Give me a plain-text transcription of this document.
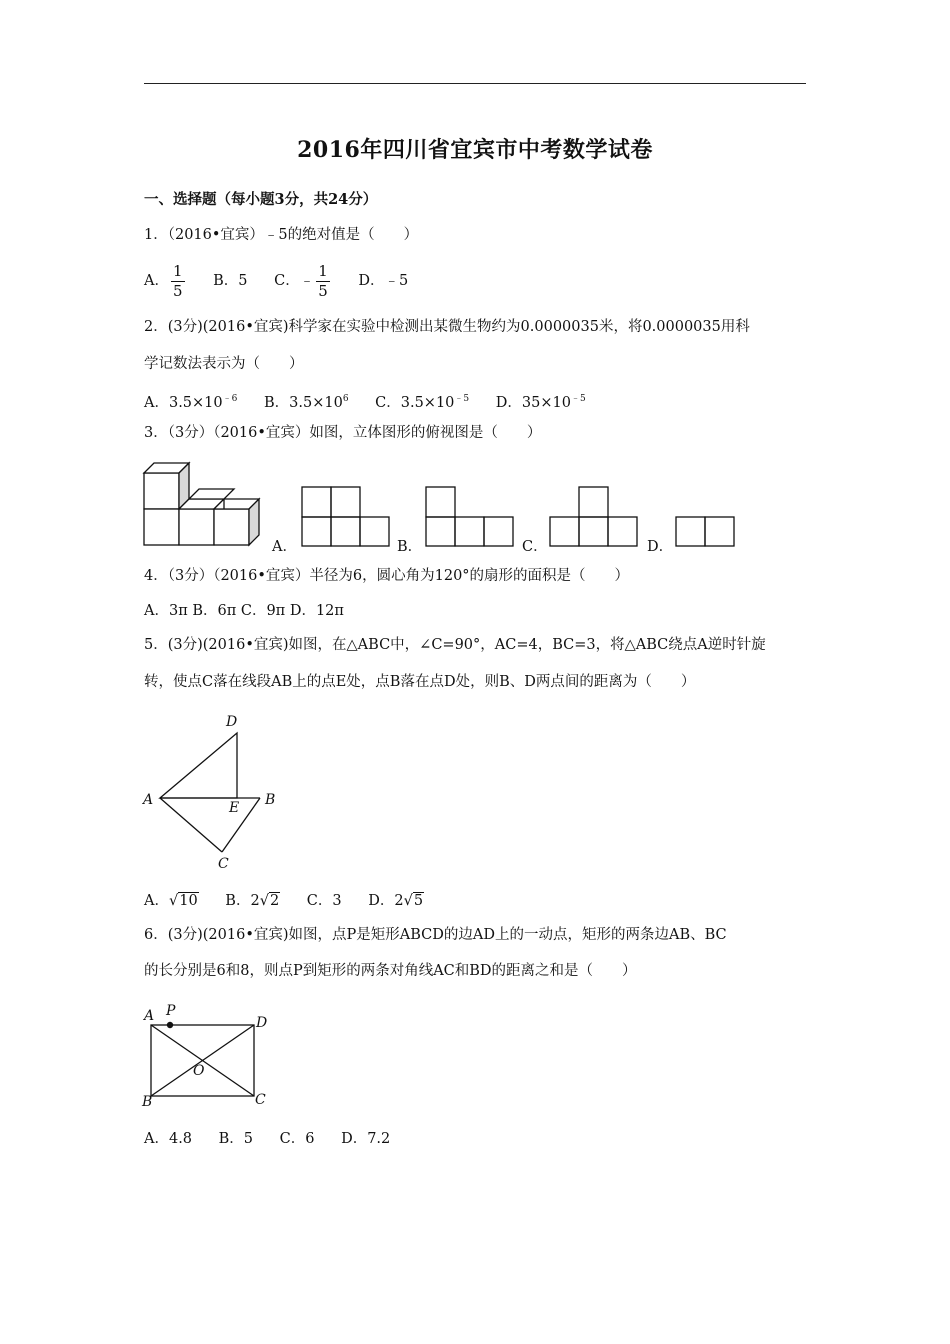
2016年四川省宜宾市中考数学试卷
一、选择题（每小题3分，共24分）
1．（2016•宜宾）﹣5的绝对值是（　　）
A． $\frac{1}{5}$ B．5 C．﹣ $\frac{1}{5}$ D．﹣5
2．(3分)(2016•宜宾)科学家在实验中检测出某微生物约为0.0000035米，将0.0000035用科
学记数法表示为（　　）
A．$3.5\times 10^{﹣6}$ B．$3.5\times 10^6$ C．$3.5\times 10^{﹣5}$ D．$35\times 10^{﹣5}$
3．（3分）（2016•宜宾）如图，立体图形的俯视图是（　　）
A．	B．	C．	D．
4．（3分）（2016•宜宾）半径为6，圆心角为120°的扇形的面积是（　　）
A．3π B．6π C．9π D．12π
5．(3分)(2016•宜宾)如图，在△ABC中，∠C=90°，AC=4，BC=3，将△ABC绕点A逆时针旋
转，使点C落在线段AB上的点E处，点B落在点D处，则B、D两点间的距离为（　　）
D
A	E B
C
A．√10 B．2√2 C．3 D．2√5
6．(3分)(2016•宜宾)如图，点P是矩形ABCD的边AD上的一动点，矩形的两条边AB、BC
的长分别是6和8，则点P到矩形的两条对角线AC和BD的距离之和是（　　）
A P
D
O
B	C
A．4.8 B．5 C．6 D．7.2
